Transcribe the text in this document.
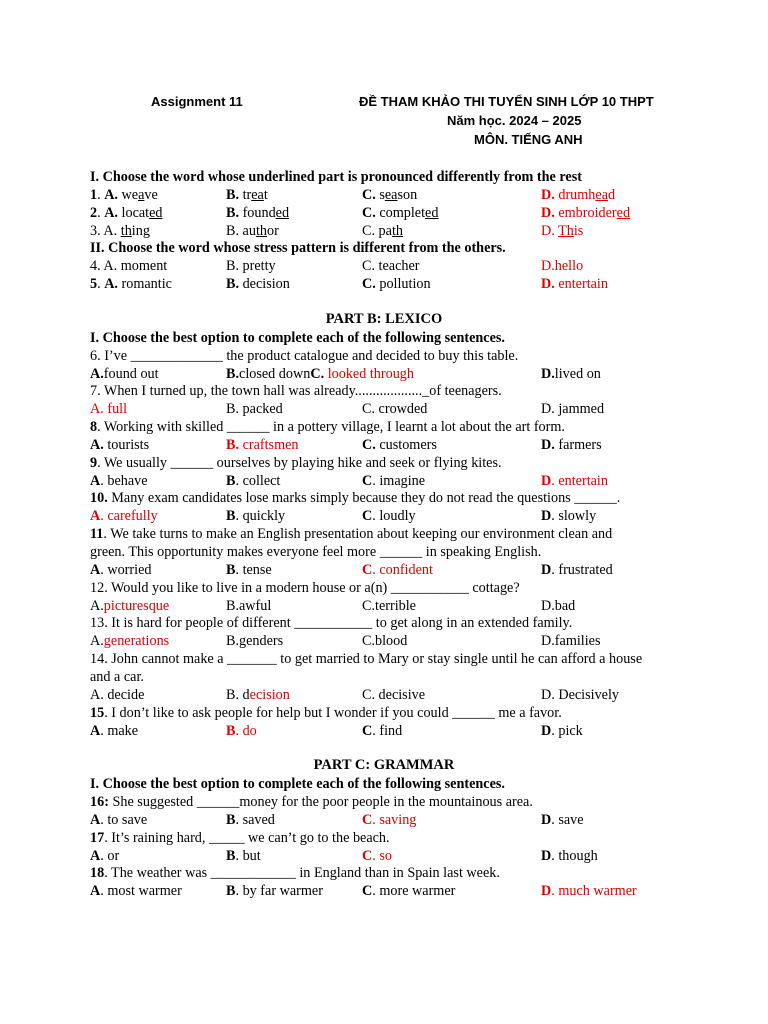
Assignment 11	ĐỀ THAM KHẢO THI TUYỂN SINH LỚP 10 THPT
Năm học. 2024 – 2025
MÔN. TIẾNG ANH
I. Choose the word whose underlined part is pronounced differently from the rest
1. A. weave	B. treat	C. season	D. drumhead
2. A. located	B. founded	C. completed	D. embroidered
3. A. thing	B. author	C. path	D. This
II. Choose the word whose stress pattern is different from the others.
4. A. moment	B. pretty	C. teacher	D.hello
5. A. romantic	B. decision	C. pollution	D. entertain
PART B: LEXICO
I. Choose the best option to complete each of the following sentences.
6. I’ve _____________ the product catalogue and decided to buy this table.
A.found out	B.closed downC. looked through	D.lived on
7. When I turned up, the town hall was already..................._of teenagers.
A. full	B. packed	C. crowded	D. jammed
8. Working with skilled ______ in a pottery village, I learnt a lot about the art form.
A. tourists	B. craftsmen	C. customers	D. farmers
9. We usually ______ ourselves by playing hike and seek or flying kites.
A. behave	B. collect	C. imagine	D. entertain
10. Many exam candidates lose marks simply because they do not read the questions ______.
A. carefully	B. quickly	C. loudly	D. slowly
11. We take turns to make an English presentation about keeping our environment clean and
green. This opportunity makes everyone feel more ______ in speaking English.
A. worried	B. tense	C. confident	D. frustrated
12. Would you like to live in a modern house or a(n) ___________ cottage?
A.picturesque	B.awful	C.terrible	D.bad
13. It is hard for people of different ___________ to get along in an extended family.
A.generations	B.genders	C.blood	D.families
14. John cannot make a _______ to get married to Mary or stay single until he can afford a house
and a car.
A. decide	B. decision	C. decisive	D. Decisively
15. I don’t like to ask people for help but I wonder if you could ______ me a favor.
A. make	B. do	C. find	D. pick
PART C: GRAMMAR
I. Choose the best option to complete each of the following sentences.
16: She suggested ______money for the poor people in the mountainous area.
A. to save	B. saved	C. saving	D. save
17. It’s raining hard, _____ we can’t go to the beach.
A. or	B. but	C. so	D. though
18. The weather was ____________ in England than in Spain last week.
A. most warmer	B. by far warmer	C. more warmer	D. much warmer
